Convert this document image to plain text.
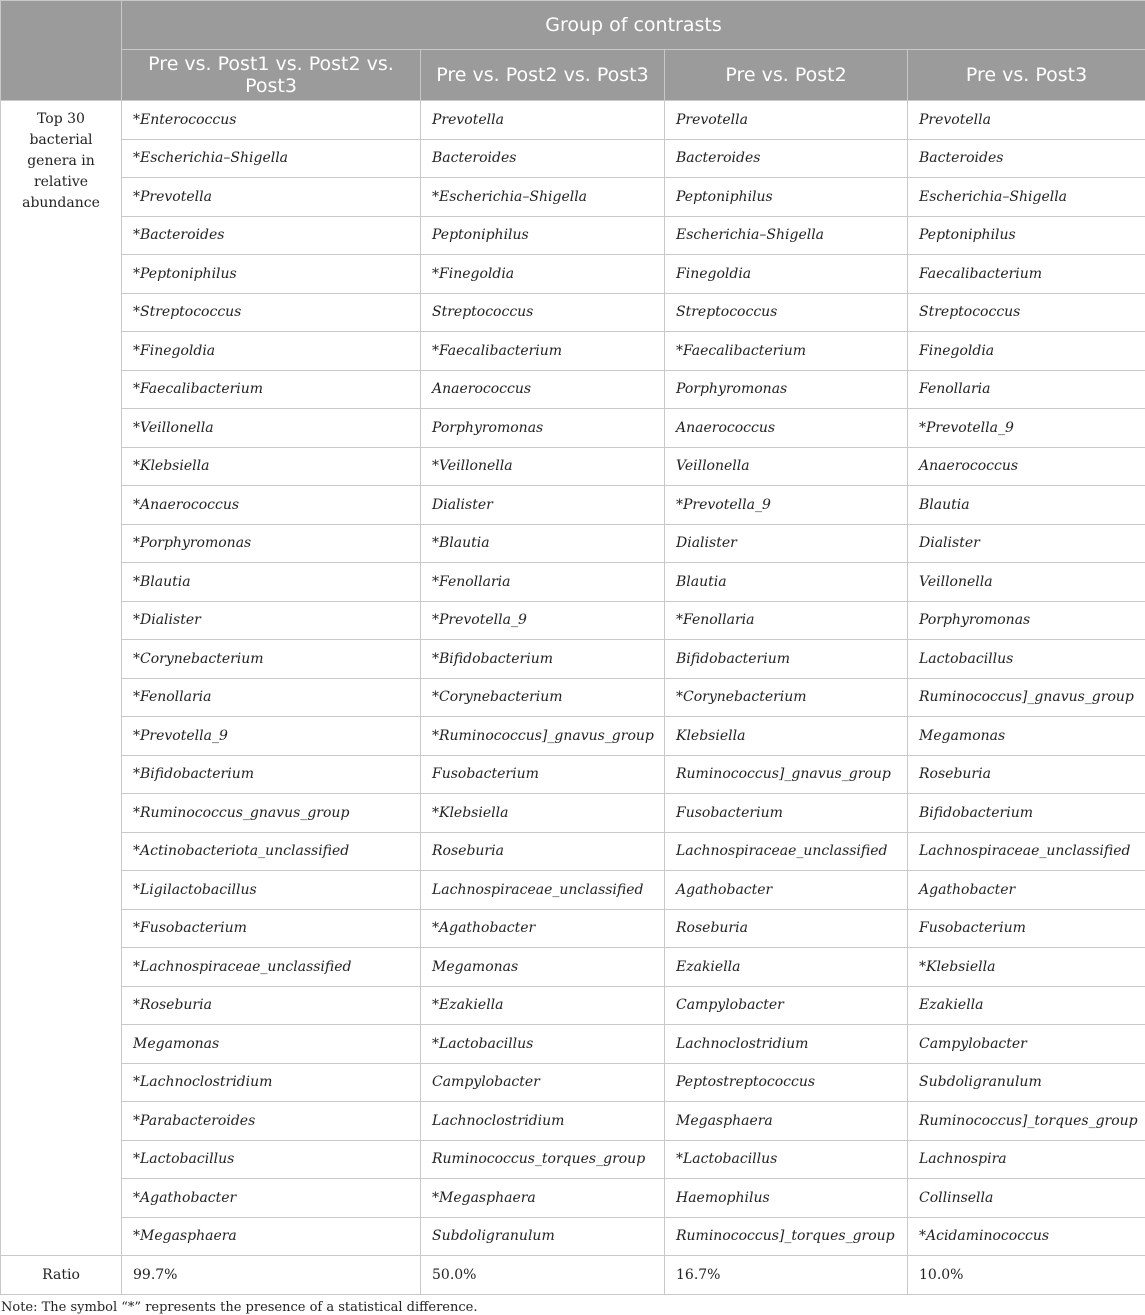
	Group of contrasts			
	Pre vs. Post1 vs. Post2 vs. Post3	Pre vs. Post2 vs. Post3	Pre vs. Post2	Pre vs. Post3
Top 30 bacterial genera in relative abundance	*Enterococcus	Prevotella	Prevotella	Prevotella
	*Escherichia–Shigella	Bacteroides	Bacteroides	Bacteroides
	*Prevotella	*Escherichia–Shigella	Peptoniphilus	Escherichia–Shigella
	*Bacteroides	Peptoniphilus	Escherichia–Shigella	Peptoniphilus
	*Peptoniphilus	*Finegoldia	Finegoldia	Faecalibacterium
	*Streptococcus	Streptococcus	Streptococcus	Streptococcus
	*Finegoldia	*Faecalibacterium	*Faecalibacterium	Finegoldia
	*Faecalibacterium	Anaerococcus	Porphyromonas	Fenollaria
	*Veillonella	Porphyromonas	Anaerococcus	*Prevotella_9
	*Klebsiella	*Veillonella	Veillonella	Anaerococcus
	*Anaerococcus	Dialister	*Prevotella_9	Blautia
	*Porphyromonas	*Blautia	Dialister	Dialister
	*Blautia	*Fenollaria	Blautia	Veillonella
	*Dialister	*Prevotella_9	*Fenollaria	Porphyromonas
	*Corynebacterium	*Bifidobacterium	Bifidobacterium	Lactobacillus
	*Fenollaria	*Corynebacterium	*Corynebacterium	Ruminococcus]_gnavus_group
	*Prevotella_9	*Ruminococcus]_gnavus_group	Klebsiella	Megamonas
	*Bifidobacterium	Fusobacterium	Ruminococcus]_gnavus_group	Roseburia
	*Ruminococcus_gnavus_group	*Klebsiella	Fusobacterium	Bifidobacterium
	*Actinobacteriota_unclassified	Roseburia	Lachnospiraceae_unclassified	Lachnospiraceae_unclassified
	*Ligilactobacillus	Lachnospiraceae_unclassified	Agathobacter	Agathobacter
	*Fusobacterium	*Agathobacter	Roseburia	Fusobacterium
	*Lachnospiraceae_unclassified	Megamonas	Ezakiella	*Klebsiella
	*Roseburia	*Ezakiella	Campylobacter	Ezakiella
	Megamonas	*Lactobacillus	Lachnoclostridium	Campylobacter
	*Lachnoclostridium	Campylobacter	Peptostreptococcus	Subdoligranulum
	*Parabacteroides	Lachnoclostridium	Megasphaera	Ruminococcus]_torques_group
	*Lactobacillus	Ruminococcus_torques_group	*Lactobacillus	Lachnospira
	*Agathobacter	*Megasphaera	Haemophilus	Collinsella
	*Megasphaera	Subdoligranulum	Ruminococcus]_torques_group	*Acidaminococcus
Ratio	99.7%	50.0%	16.7%	10.0%
Note: The symbol “*” represents the presence of a statistical difference.
